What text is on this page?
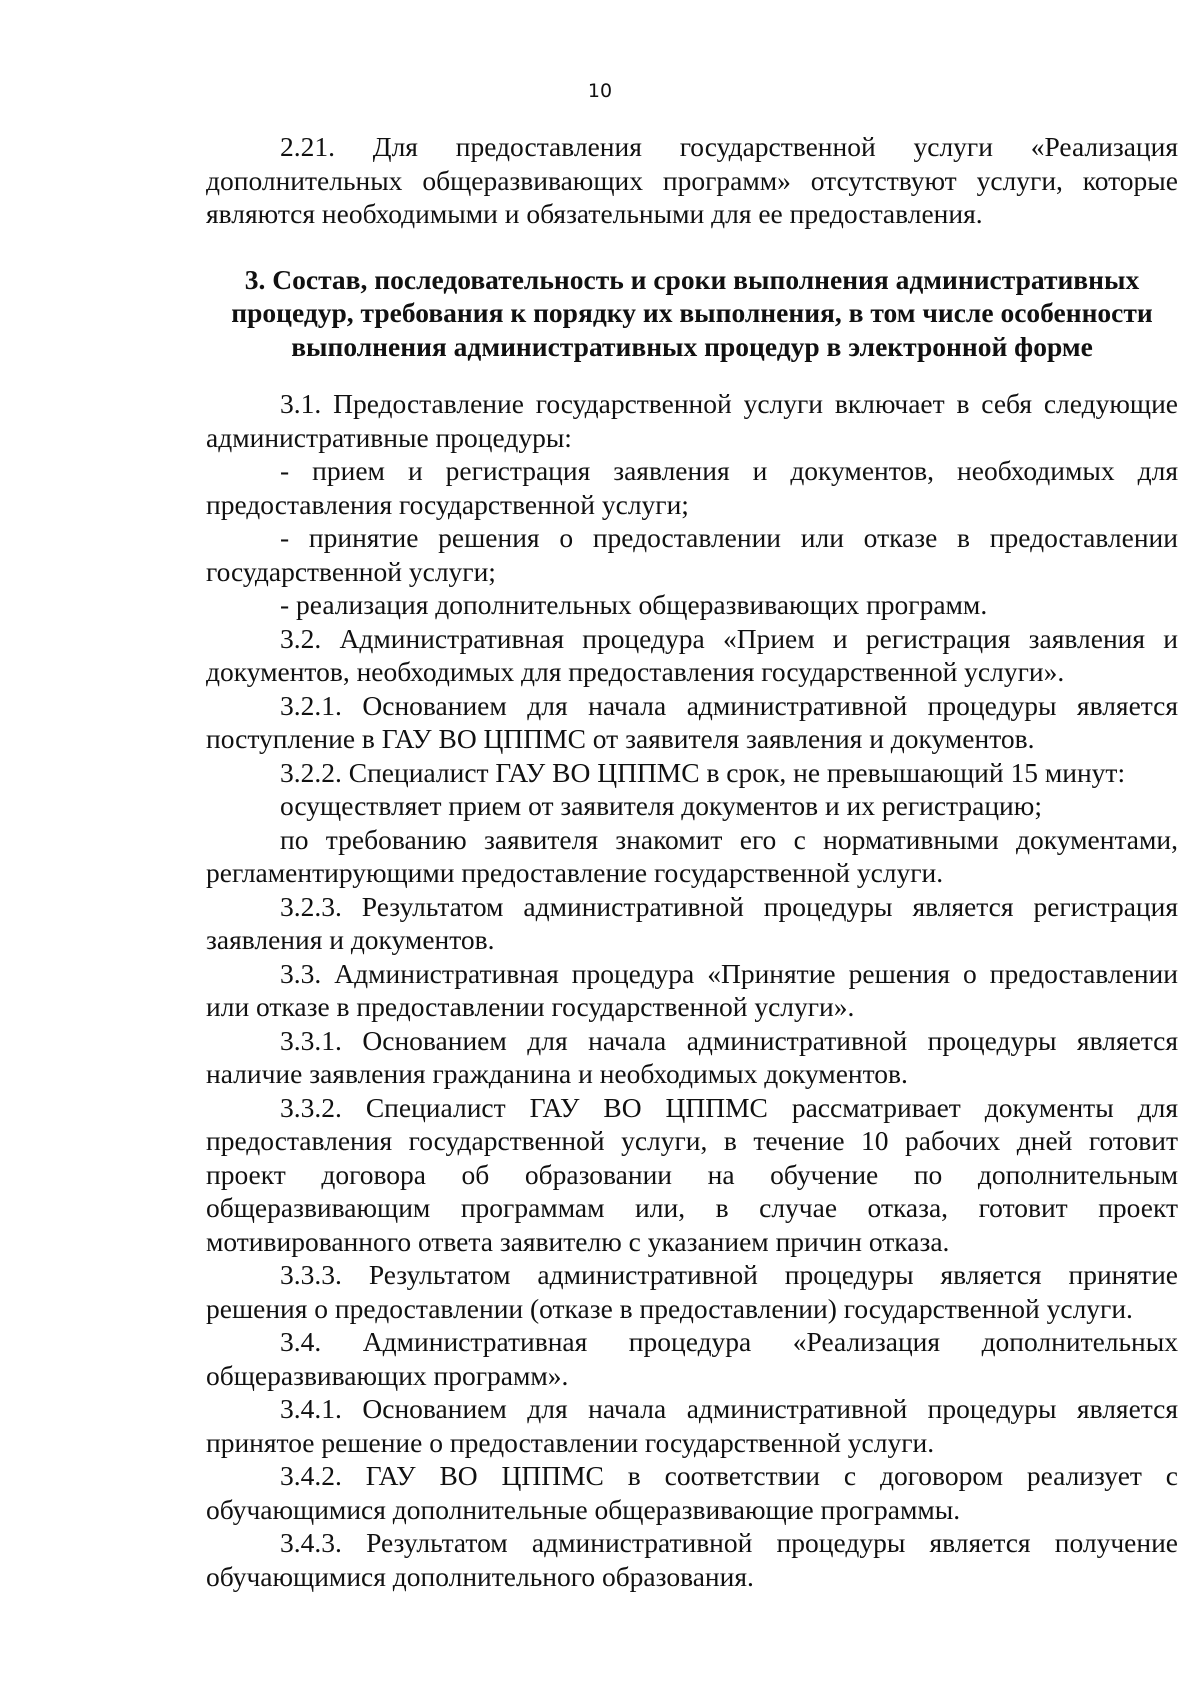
10

2.21. Для предоставления государственной услуги «Реализация дополнительных общеразвивающих программ» отсутствуют услуги, которые являются необходимыми и обязательными для ее предоставления.

3. Состав, последовательность и сроки выполнения административных
процедур, требования к порядку их выполнения, в том числе особенности
выполнения административных процедур в электронной форме

3.1. Предоставление государственной услуги включает в себя следующие административные процедуры:

- прием и регистрация заявления и документов, необходимых для предоставления государственной услуги;

- принятие решения о предоставлении или отказе в предоставлении государственной услуги;

- реализация дополнительных общеразвивающих программ.

3.2. Административная процедура «Прием и регистрация заявления и документов, необходимых для предоставления государственной услуги».

3.2.1. Основанием для начала административной процедуры является поступление в ГАУ ВО ЦППМС от заявителя заявления и документов.

3.2.2. Специалист ГАУ ВО ЦППМС в срок, не превышающий 15 минут:

осуществляет прием от заявителя документов и их регистрацию;

по требованию заявителя знакомит его с нормативными документами, регламентирующими предоставление государственной услуги.

3.2.3. Результатом административной процедуры является регистрация заявления и документов.

3.3. Административная процедура «Принятие решения о предоставлении или отказе в предоставлении государственной услуги».

3.3.1. Основанием для начала административной процедуры является наличие заявления гражданина и необходимых документов.

3.3.2. Специалист ГАУ ВО ЦППМС рассматривает документы для предоставления государственной услуги, в течение 10 рабочих дней готовит проект договора об образовании на обучение по дополнительным общеразвивающим программам или, в случае отказа, готовит проект мотивированного ответа заявителю с указанием причин отказа.

3.3.3. Результатом административной процедуры является принятие решения о предоставлении (отказе в предоставлении) государственной услуги.

3.4. Административная процедура «Реализация дополнительных общеразвивающих программ».

3.4.1. Основанием для начала административной процедуры является принятое решение о предоставлении государственной услуги.

3.4.2. ГАУ ВО ЦППМС в соответствии с договором реализует с обучающимися дополнительные общеразвивающие программы.

3.4.3. Результатом административной процедуры является получение обучающимися дополнительного образования.
